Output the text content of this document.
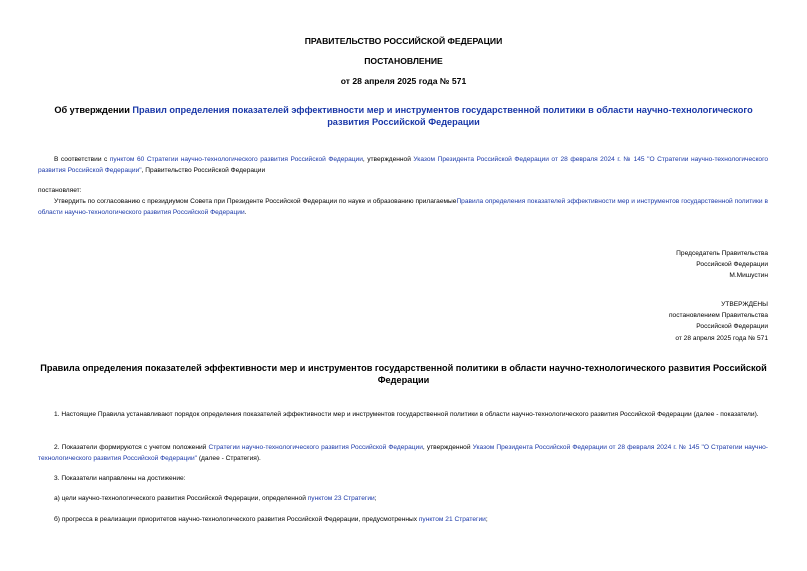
ПРАВИТЕЛЬСТВО РОССИЙСКОЙ ФЕДЕРАЦИИ
ПОСТАНОВЛЕНИЕ
от 28 апреля 2025 года № 571
Об утверждении Правил определения показателей эффективности мер и инструментов государственной политики в области научно-технологического развития Российской Федерации
В соответствии с пунктом 60 Стратегии научно-технологического развития Российской Федерации, утвержденной Указом Президента Российской Федерации от 28 февраля 2024 г. № 145 "О Стратегии научно-технологического развития Российской Федерации", Правительство Российской Федерации
постановляет:
Утвердить по согласованию с президиумом Совета при Президенте Российской Федерации по науке и образованию прилагаемыеПравила определения показателей эффективности мер и инструментов государственной политики в области научно-технологического развития Российской Федерации.
Председатель Правительства
Российской Федерации
М.Мишустин
УТВЕРЖДЕНЫ
постановлением Правительства
Российской Федерации
от 28 апреля 2025 года № 571
Правила определения показателей эффективности мер и инструментов государственной политики в области научно-технологического развития Российской Федерации
1. Настоящие Правила устанавливают порядок определения показателей эффективности мер и инструментов государственной политики в области научно-технологического развития Российской Федерации (далее - показатели).
2. Показатели формируются с учетом положений Стратегии научно-технологического развития Российской Федерации, утвержденной Указом Президента Российской Федерации от 28 февраля 2024 г. № 145 "О Стратегии научно-технологического развития Российской Федерации" (далее - Стратегия).
3. Показатели направлены на достижение:
а) цели научно-технологического развития Российской Федерации, определенной пунктом 23 Стратегии;
б) прогресса в реализации приоритетов научно-технологического развития Российской Федерации, предусмотренных пунктом 21 Стратегии;
